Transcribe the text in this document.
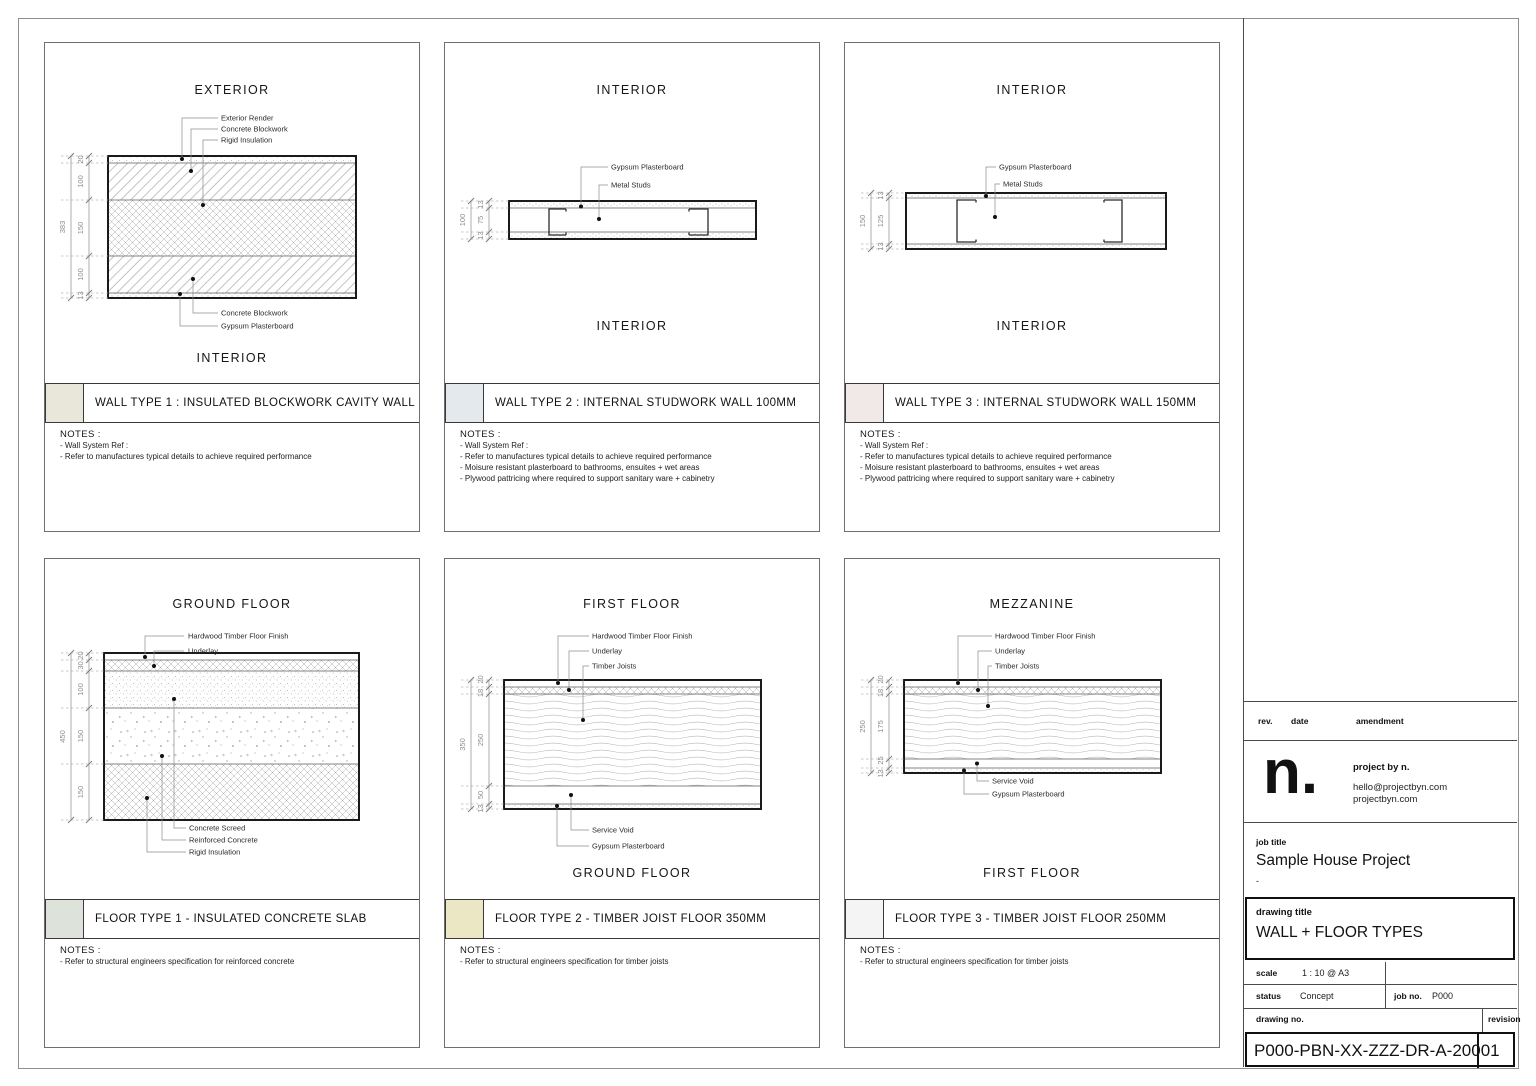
EXTERIOR
INTERIOR
Exterior Render
Concrete Blockwork
Rigid Insulation
Concrete Blockwork
Gypsum Plasterboard
383
20
100
150
100
13
WALL TYPE 1 : INSULATED BLOCKWORK CAVITY WALL
NOTES :
- Wall System Ref :
- Refer to manufactures typical details to achieve required performance
INTERIOR
INTERIOR
Gypsum Plasterboard
Metal Studs
100
13
75
13
WALL TYPE 2 : INTERNAL STUDWORK WALL 100MM
NOTES :
- Wall System Ref :
- Refer to manufactures typical details to achieve required performance
- Moisure resistant plasterboard to bathrooms, ensuites + wet areas
- Plywood pattricing where required to support sanitary ware + cabinetry
INTERIOR
INTERIOR
Gypsum Plasterboard
Metal Studs
150
13
125
13
WALL TYPE 3 : INTERNAL STUDWORK WALL 150MM
NOTES :
- Wall System Ref :
- Refer to manufactures typical details to achieve required performance
- Moisure resistant plasterboard to bathrooms, ensuites + wet areas
- Plywood pattricing where required to support sanitary ware + cabinetry
GROUND FLOOR
Hardwood Timber Floor Finish
Underlay
Concrete Screed
Reinforced Concrete
Rigid Insulation
450
20
30
100
150
150
FLOOR TYPE 1 - INSULATED CONCRETE SLAB
NOTES :
- Refer to structural engineers specification for reinforced concrete
FIRST FLOOR
GROUND FLOOR
Hardwood Timber Floor Finish
Underlay
Timber Joists
Service Void
Gypsum Plasterboard
350
20
18
250
50
13
FLOOR TYPE 2 - TIMBER JOIST FLOOR 350MM
NOTES :
- Refer to structural engineers specification for timber joists
MEZZANINE
FIRST FLOOR
Hardwood Timber Floor Finish
Underlay
Timber Joists
Service Void
Gypsum Plasterboard
250
20
18
175
25
13
FLOOR TYPE 3 - TIMBER JOIST FLOOR 250MM
NOTES :
- Refer to structural engineers specification for timber joists
rev. date	amendment
n.	project by n.
hello@projectbyn.com
projectbyn.com
job title
Sample House Project
-
drawing title
WALL + FLOOR TYPES
scale	1 : 10 @ A3
status Concept	job no. P000
drawing no.	revision
P000-PBN-XX-ZZZ-DR-A-20001
